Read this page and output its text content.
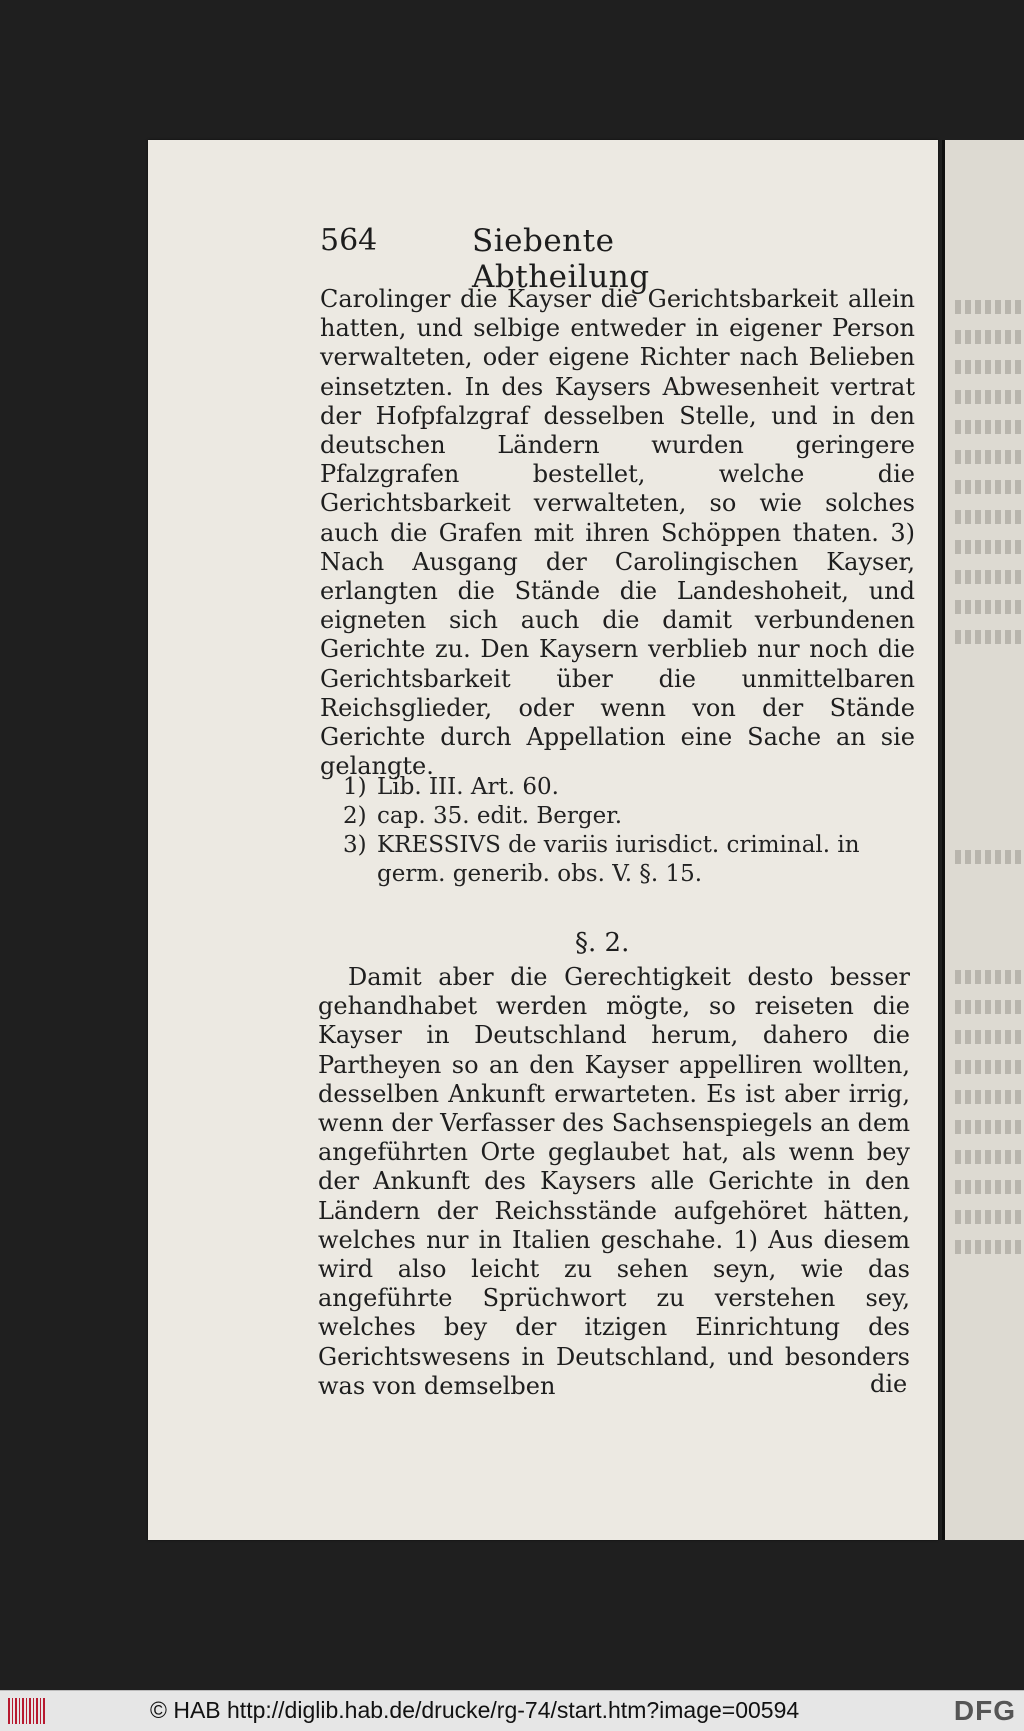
564	Siebente Abtheilung

Carolinger die Kayser die Gerichtsbarkeit allein hatten, und selbige entweder in eigener Person verwalteten, oder eigene Richter nach Belieben einsetzten. In des Kaysers Abwesenheit vertrat der Hofpfalzgraf desselben Stelle, und in den deutschen Ländern wurden geringere Pfalzgrafen bestellet, welche die Gerichtsbarkeit verwalteten, so wie solches auch die Grafen mit ihren Schöppen thaten. 3) Nach Ausgang der Carolingischen Kayser, erlangten die Stände die Landeshoheit, und eigneten sich auch die damit verbundenen Gerichte zu. Den Kaysern verblieb nur noch die Gerichtsbarkeit über die unmittelbaren Reichsglieder, oder wenn von der Stände Gerichte durch Appellation eine Sache an sie gelangte.

1) Lib. III. Art. 60.
2) cap. 35. edit. Berger.
3) KRESSIVS de variis iurisdict. criminal. in germ. generib. obs. V. §. 15.
§. 2.

Damit aber die Gerechtigkeit desto besser gehandhabet werden mögte, so reiseten die Kayser in Deutschland herum, dahero die Partheyen so an den Kayser appelliren wollten, desselben Ankunft erwarteten. Es ist aber irrig, wenn der Verfasser des Sachsenspiegels an dem angeführten Orte geglaubet hat, als wenn bey der Ankunft des Kaysers alle Gerichte in den Ländern der Reichsstände aufgehöret hätten, welches nur in Italien geschahe. 1) Aus diesem wird also leicht zu sehen seyn, wie das angeführte Sprüchwort zu verstehen sey, welches bey der itzigen Einrichtung des Gerichtswesens in Deutschland, und besonders was von demselben	die
© HAB http://diglib.hab.de/drucke/rg-74/start.htm?image=00594	DFG
